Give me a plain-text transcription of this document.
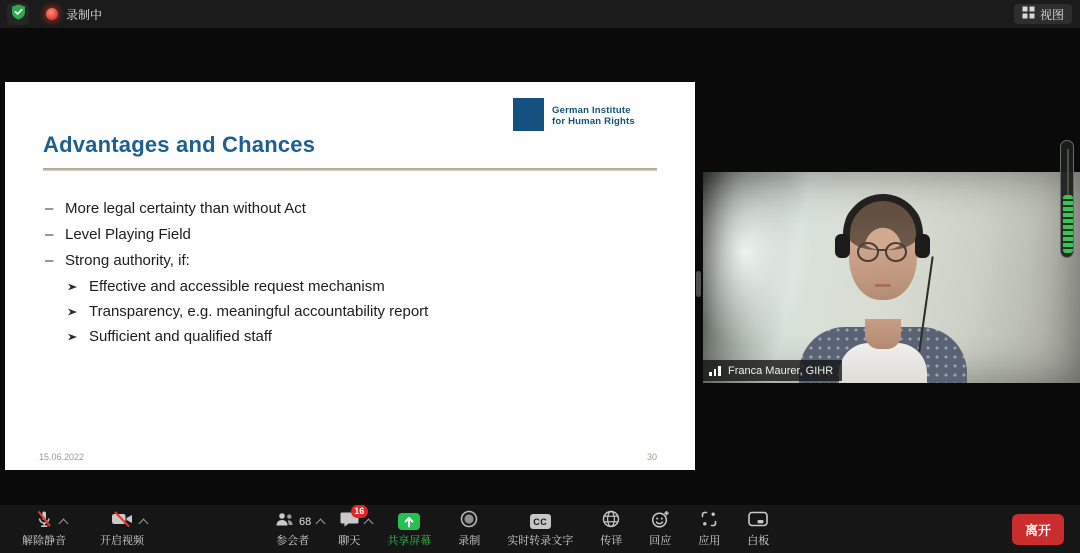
录制中	视图
German Institute
for Human Rights
Advantages and Chances
– More legal certainty than without Act
– Level Playing Field
– Strong authority, if:
Effective and accessible request mechanism
Transparency, e.g. meaningful accountability report
Sufficient and qualified staff
15.06.2022	30
Franca Maurer, GIHR
解除静音	开启视频
68
参会者
16
聊天 共享屏幕 录制
CC
实时转录文字 传译 回应 应用 白板
离开
